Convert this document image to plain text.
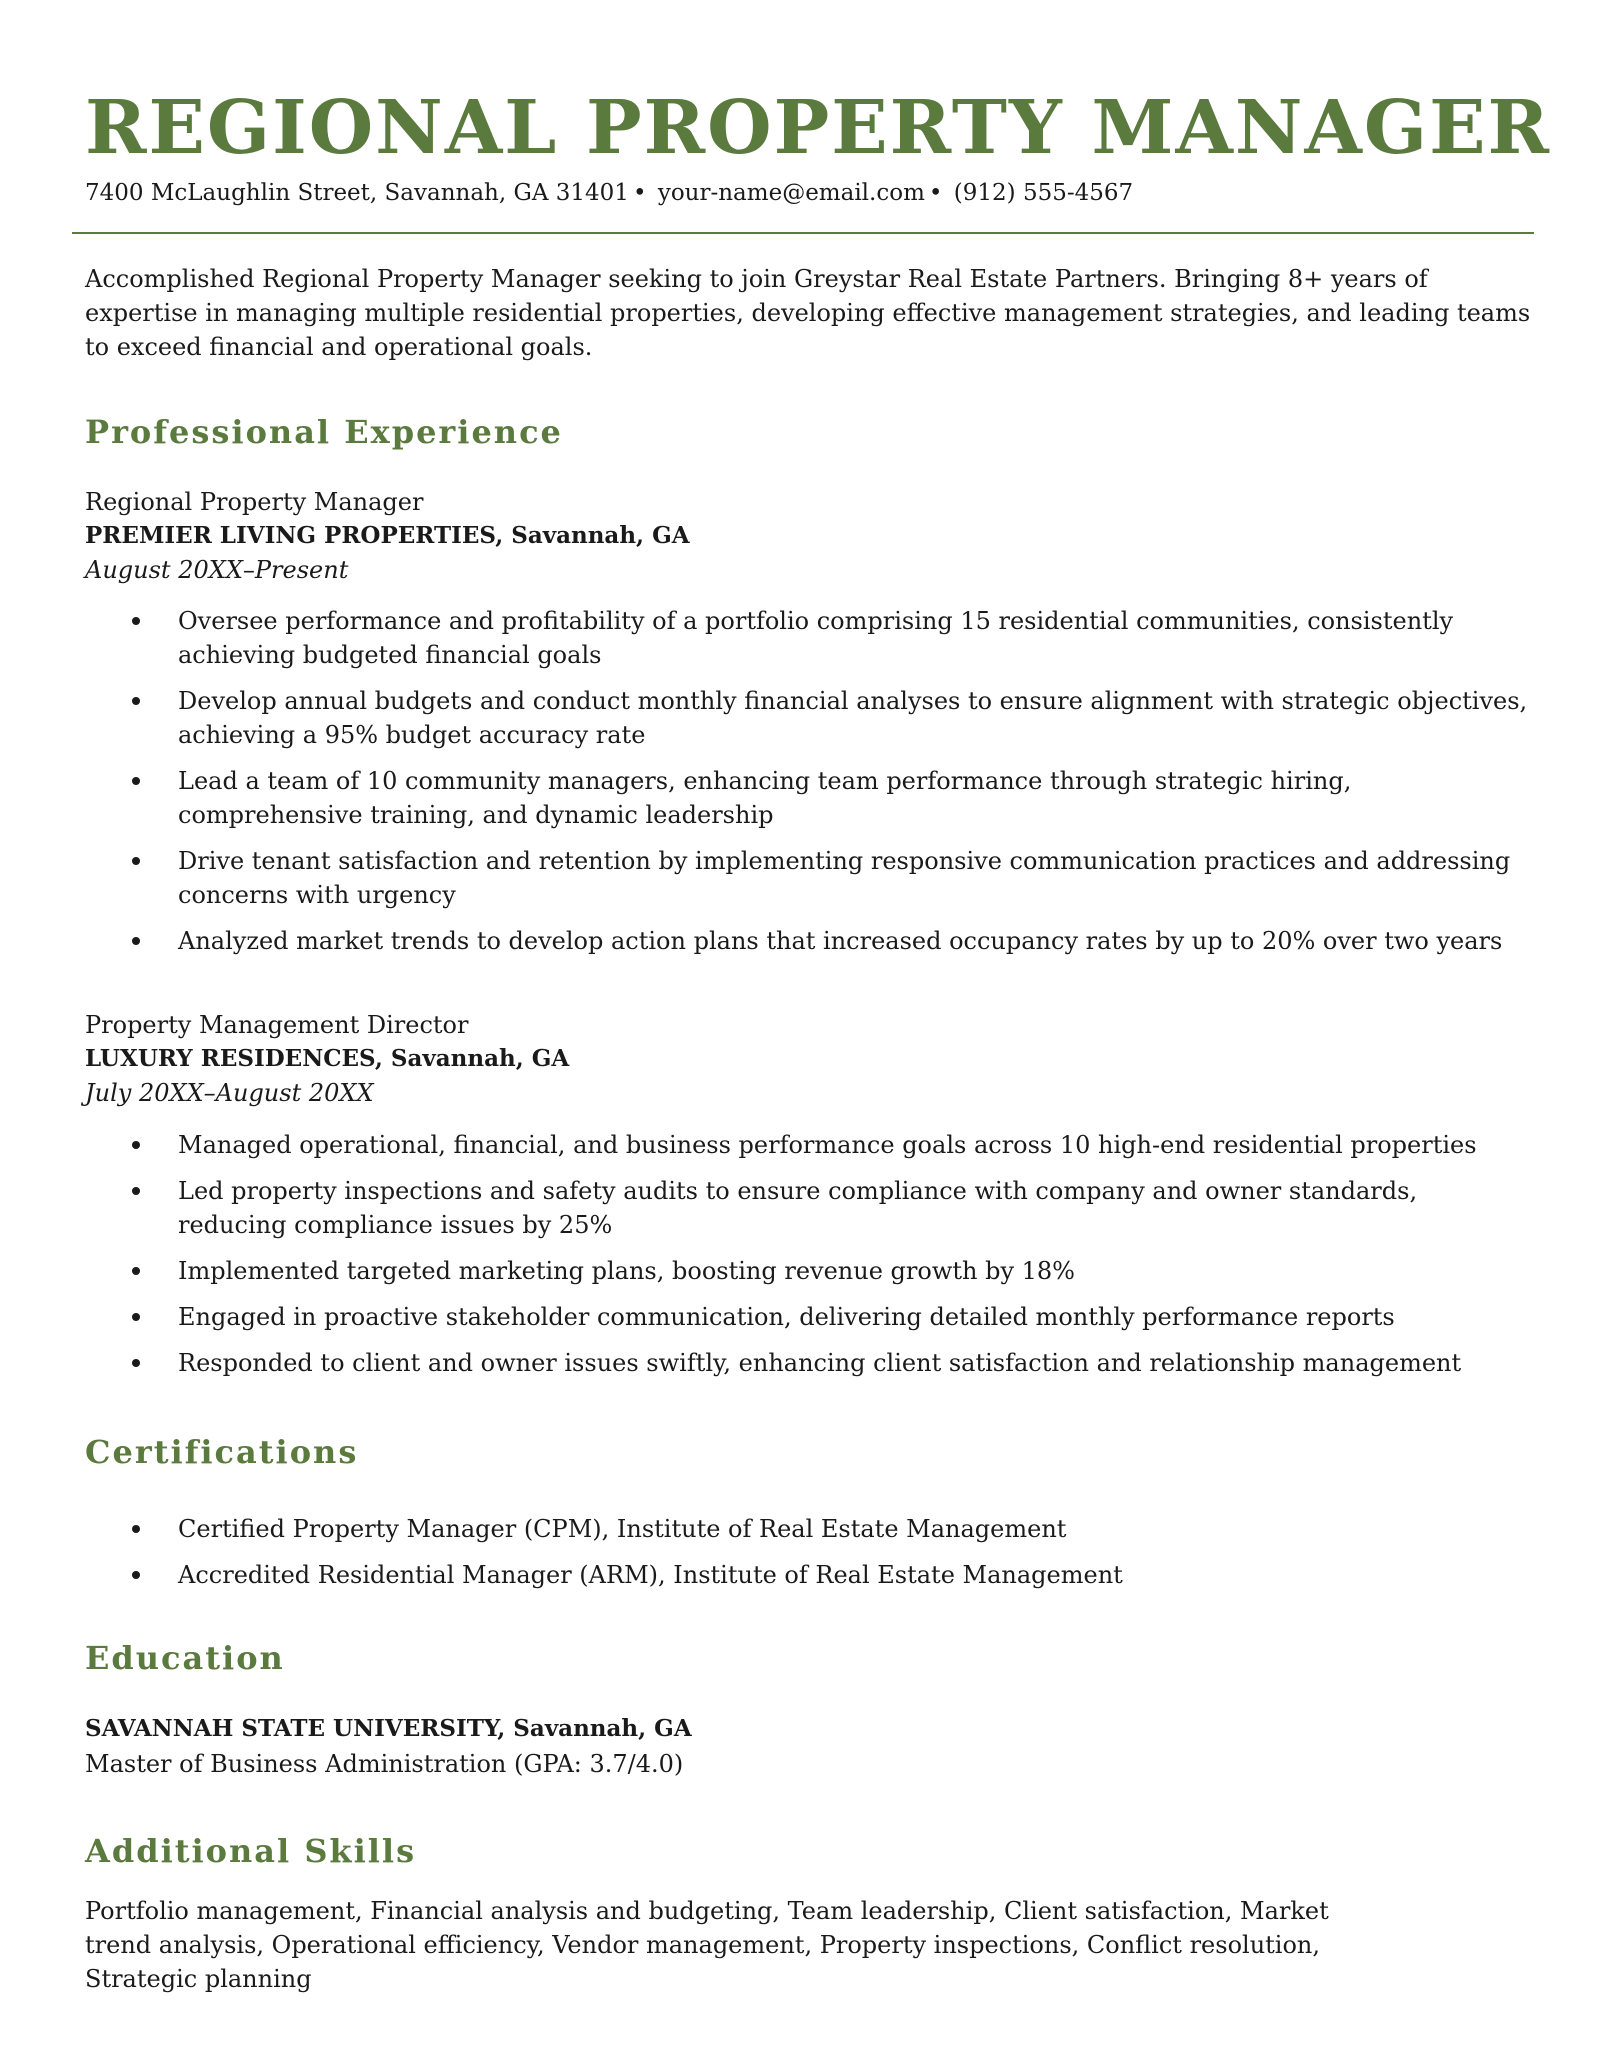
REGIONAL PROPERTY MANAGER
7400 McLaughlin Street, Savannah, GA 31401 • your-name@email.com • (912) 555-4567

Accomplished Regional Property Manager seeking to join Greystar Real Estate Partners. Bringing 8+ years of expertise in managing multiple residential properties, developing effective management strategies, and leading teams to exceed financial and operational goals.

Professional Experience
Regional Property Manager
PREMIER LIVING PROPERTIES, Savannah, GA
August 20XX–Present
Oversee performance and profitability of a portfolio comprising 15 residential communities, consistently achieving budgeted financial goals
Develop annual budgets and conduct monthly financial analyses to ensure alignment with strategic objectives, achieving a 95% budget accuracy rate
Lead a team of 10 community managers, enhancing team performance through strategic hiring, comprehensive training, and dynamic leadership
Drive tenant satisfaction and retention by implementing responsive communication practices and addressing concerns with urgency
Analyzed market trends to develop action plans that increased occupancy rates by up to 20% over two years
Property Management Director
LUXURY RESIDENCES, Savannah, GA
July 20XX–August 20XX
Managed operational, financial, and business performance goals across 10 high-end residential properties
Led property inspections and safety audits to ensure compliance with company and owner standards, reducing compliance issues by 25%
Implemented targeted marketing plans, boosting revenue growth by 18%
Engaged in proactive stakeholder communication, delivering detailed monthly performance reports
Responded to client and owner issues swiftly, enhancing client satisfaction and relationship management
Certifications
Certified Property Manager (CPM), Institute of Real Estate Management
Accredited Residential Manager (ARM), Institute of Real Estate Management
Education
SAVANNAH STATE UNIVERSITY, Savannah, GA
Master of Business Administration (GPA: 3.7/4.0)
Additional Skills

Portfolio management, Financial analysis and budgeting, Team leadership, Client satisfaction, Market trend analysis, Operational efficiency, Vendor management, Property inspections, Conflict resolution, Strategic planning
